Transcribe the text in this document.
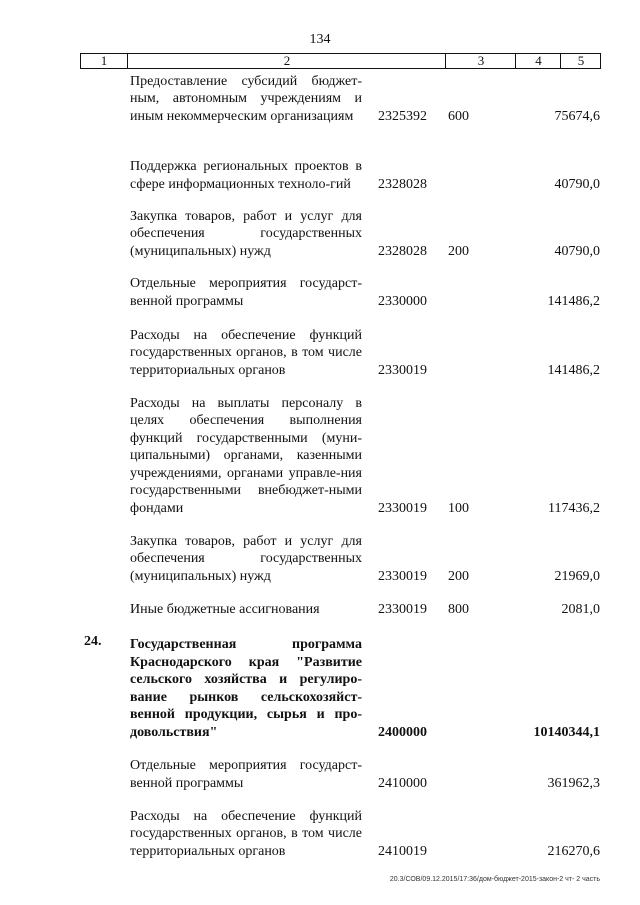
134
1	2	3	4	5
Предоставление субсидий бюджет-ным, автономным учреждениям и иным некоммерческим организациям	2325392 600	75674,6
Поддержка региональных проектов в сфере информационных техноло-гий	2328028	40790,0
Закупка товаров, работ и услуг для обеспечения государственных (муниципальных) нужд	2328028 200	40790,0
Отдельные мероприятия государст-венной программы	2330000	141486,2
Расходы на обеспечение функций государственных органов, в том числе территориальных органов	2330019	141486,2
Расходы на выплаты персоналу в целях обеспечения выполнения функций государственными (муни-ципальными) органами, казенными учреждениями, органами управле-ния государственными внебюджет-ными фондами	2330019 100	117436,2
Закупка товаров, работ и услуг для обеспечения государственных (муниципальных) нужд	2330019 200	21969,0
Иные бюджетные ассигнования	2330019 800	2081,0
24. Государственная программа Краснодарского края "Развитие сельского хозяйства и регулиро-вание рынков сельскохозяйст-венной продукции, сырья и про-довольствия"	2400000	10140344,1
Отдельные мероприятия государст-венной программы	2410000	361962,3
Расходы на обеспечение функций государственных органов, в том числе территориальных органов	2410019	216270,6
20.3/СОВ/09.12.2015/17:36/дом-бюджет-2015-закон-2 чт- 2 часть
